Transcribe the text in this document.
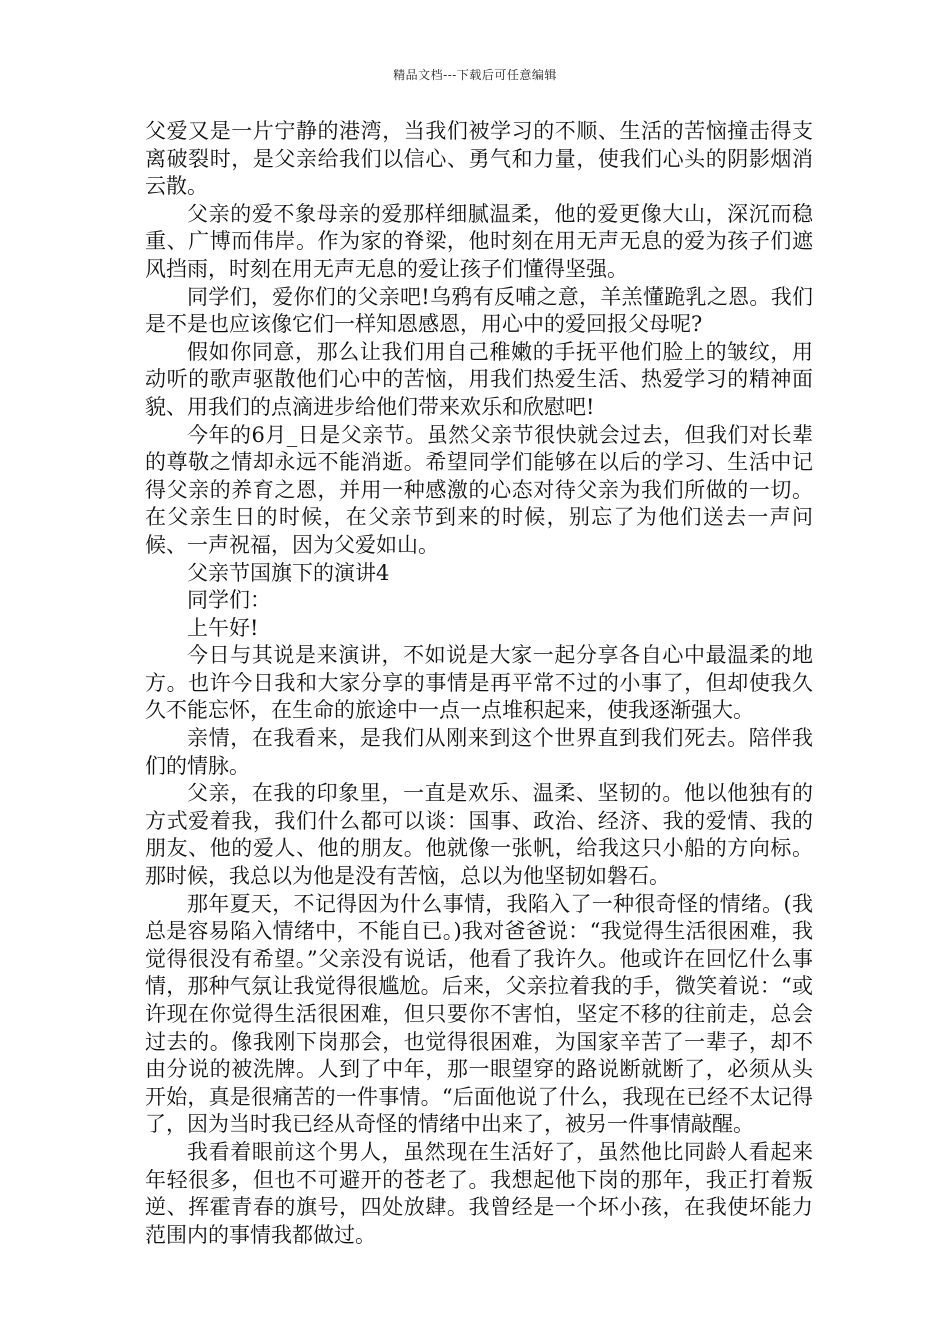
精品文档---下载后可任意编辑

父爱又是一片宁静的港湾，当我们被学习的不顺、生活的苦恼撞击得支离破裂时，是父亲给我们以信心、勇气和力量，使我们心头的阴影烟消云散。

父亲的爱不象母亲的爱那样细腻温柔，他的爱更像大山，深沉而稳重、广博而伟岸。作为家的脊梁，他时刻在用无声无息的爱为孩子们遮风挡雨，时刻在用无声无息的爱让孩子们懂得坚强。

同学们，爱你们的父亲吧!乌鸦有反哺之意，羊羔懂跪乳之恩。我们是不是也应该像它们一样知恩感恩，用心中的爱回报父母呢?

假如你同意，那么让我们用自己稚嫩的手抚平他们脸上的皱纹，用动听的歌声驱散他们心中的苦恼，用我们热爱生活、热爱学习的精神面貌、用我们的点滴进步给他们带来欢乐和欣慰吧!

今年的6月_日是父亲节。虽然父亲节很快就会过去，但我们对长辈的尊敬之情却永远不能消逝。希望同学们能够在以后的学习、生活中记得父亲的养育之恩，并用一种感激的心态对待父亲为我们所做的一切。在父亲生日的时候，在父亲节到来的时候，别忘了为他们送去一声问候、一声祝福，因为父爱如山。

父亲节国旗下的演讲4

同学们：

上午好!

今日与其说是来演讲，不如说是大家一起分享各自心中最温柔的地方。也许今日我和大家分享的事情是再平常不过的小事了，但却使我久久不能忘怀，在生命的旅途中一点一点堆积起来，使我逐渐强大。

亲情，在我看来，是我们从刚来到这个世界直到我们死去。陪伴我们的情脉。

父亲，在我的印象里，一直是欢乐、温柔、坚韧的。他以他独有的方式爱着我，我们什么都可以谈：国事、政治、经济、我的爱情、我的朋友、他的爱人、他的朋友。他就像一张帆，给我这只小船的方向标。那时候，我总以为他是没有苦恼，总以为他坚韧如磐石。

那年夏天，不记得因为什么事情，我陷入了一种很奇怪的情绪。(我总是容易陷入情绪中，不能自已。)我对爸爸说：“我觉得生活很困难，我觉得很没有希望。”父亲没有说话，他看了我许久。他或许在回忆什么事情，那种气氛让我觉得很尴尬。后来，父亲拉着我的手，微笑着说：“或许现在你觉得生活很困难，但只要你不害怕，坚定不移的往前走，总会过去的。像我刚下岗那会，也觉得很困难，为国家辛苦了一辈子，却不由分说的被洗牌。人到了中年，那一眼望穿的路说断就断了，必须从头开始，真是很痛苦的一件事情。“后面他说了什么，我现在已经不太记得了，因为当时我已经从奇怪的情绪中出来了，被另一件事情敲醒。

我看着眼前这个男人，虽然现在生活好了，虽然他比同龄人看起来年轻很多，但也不可避开的苍老了。我想起他下岗的那年，我正打着叛逆、挥霍青春的旗号，四处放肆。我曾经是一个坏小孩，在我使坏能力范围内的事情我都做过。
